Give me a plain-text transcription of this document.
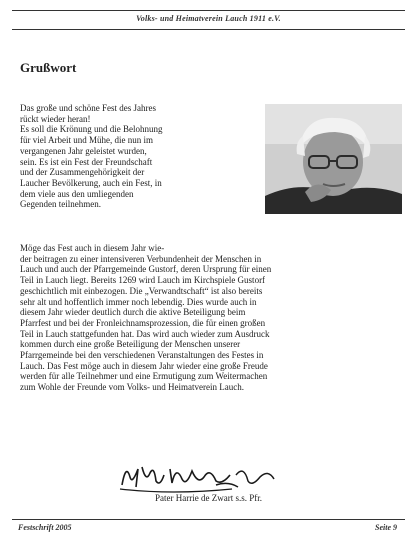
Volks- und Heimatverein Lauch 1911 e.V.
Grußwort
Das große und schöne Fest des Jahres
rückt wieder heran!
Es soll die Krönung und die Belohnung
für viel Arbeit und Mühe, die nun im
vergangenen Jahr geleistet wurden,
sein. Es ist ein Fest der Freundschaft
und der Zusammengehörigkeit der
Laucher Bevölkerung, auch ein Fest, in
dem viele aus den umliegenden
Gegenden teilnehmen.
Möge das Fest auch in diesem Jahr wie-
der beitragen zu einer intensiveren Verbundenheit der Menschen in
Lauch und auch der Pfarrgemeinde Gustorf, deren Ursprung für einen
Teil in Lauch liegt. Bereits 1269 wird Lauch im Kirchspiele Gustorf
geschichtlich mit einbezogen. Die „Verwandtschaft“ ist also bereits
sehr alt und hoffentlich immer noch lebendig. Dies wurde auch in
diesem Jahr wieder deutlich durch die aktive Beteiligung beim
Pfarrfest und bei der Fronleichnamsprozession, die für einen großen
Teil in Lauch stattgefunden hat. Das wird auch wieder zum Ausdruck
kommen durch eine große Beteiligung der Menschen unserer
Pfarrgemeinde bei den verschiedenen Veranstaltungen des Festes in
Lauch. Das Fest möge auch in diesem Jahr wieder eine große Freude
werden für alle Teilnehmer und eine Ermutigung zum Weitermachen
zum Wohle der Freunde vom Volks- und Heimatverein Lauch.
Pater Harrie de Zwart s.s. Pfr.
Festschrift 2005	Seite 9
